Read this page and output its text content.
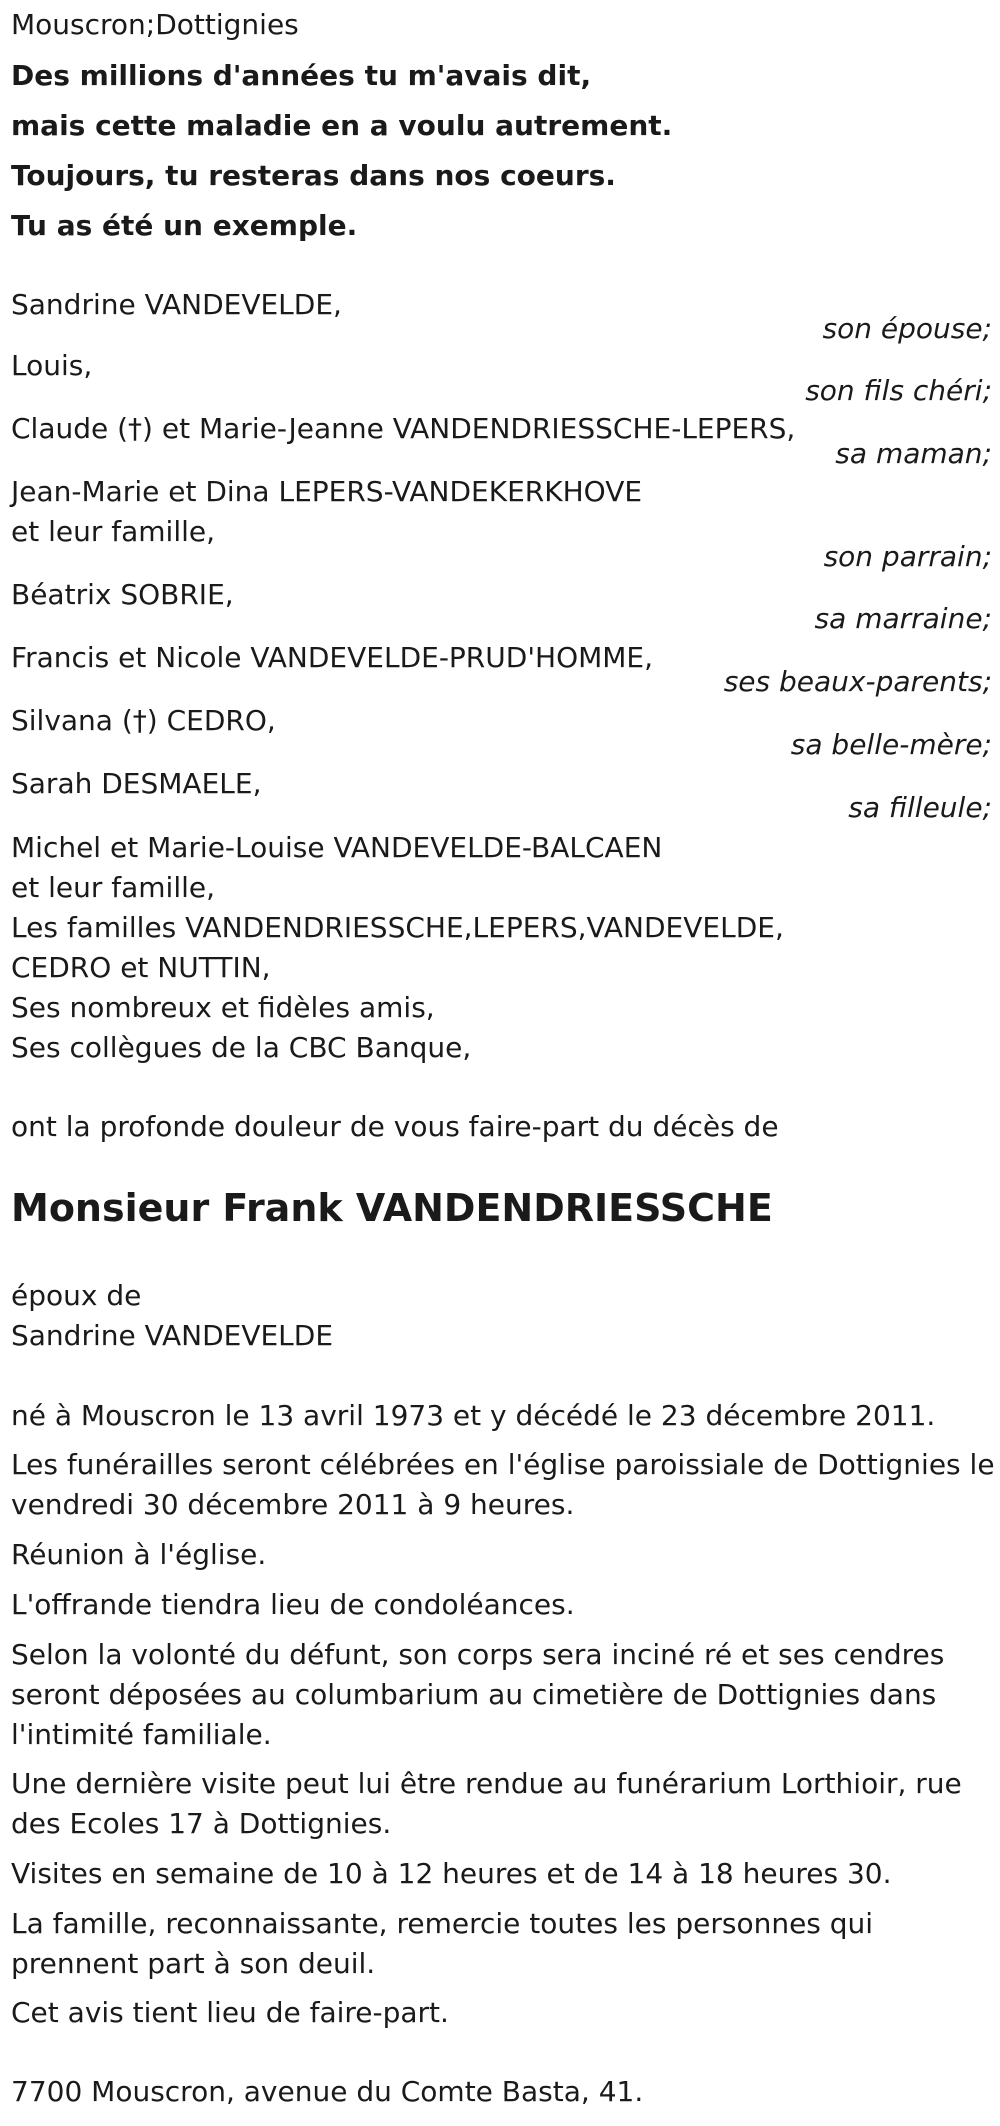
Mouscron;Dottignies
Des millions d'années tu m'avais dit,
mais cette maladie en a voulu autrement.
Toujours, tu resteras dans nos coeurs.
Tu as été un exemple.
Sandrine VANDEVELDE,
son épouse;
Louis,
son fils chéri;
Claude (†) et Marie-Jeanne VANDENDRIESSCHE-LEPERS,
sa maman;
Jean-Marie et Dina LEPERS-VANDEKERKHOVE
et leur famille,
son parrain;
Béatrix SOBRIE,
sa marraine;
Francis et Nicole VANDEVELDE-PRUD'HOMME,
ses beaux-parents;
Silvana (†) CEDRO,
sa belle-mère;
Sarah DESMAELE,
sa filleule;
Michel et Marie-Louise VANDEVELDE-BALCAEN
et leur famille,
Les familles VANDENDRIESSCHE,LEPERS,VANDEVELDE,
CEDRO et NUTTIN,
Ses nombreux et fidèles amis,
Ses collègues de la CBC Banque,
ont la profonde douleur de vous faire-part du décès de
Monsieur Frank VANDENDRIESSCHE
époux de
Sandrine VANDEVELDE
né à Mouscron le 13 avril 1973 et y décédé le 23 décembre 2011.
Les funérailles seront célébrées en l'église paroissiale de Dottignies le vendredi 30 décembre 2011 à 9 heures.
Réunion à l'église.
L'offrande tiendra lieu de condoléances.
Selon la volonté du défunt, son corps sera inciné ré et ses cendres seront déposées au columbarium au cimetière de Dottignies dans l'intimité familiale.
Une dernière visite peut lui être rendue au funérarium Lorthioir, rue des Ecoles 17 à Dottignies.
Visites en semaine de 10 à 12 heures et de 14 à 18 heures 30.
La famille, reconnaissante, remercie toutes les personnes qui prennent part à son deuil.
Cet avis tient lieu de faire-part.
7700 Mouscron, avenue du Comte Basta, 41.
